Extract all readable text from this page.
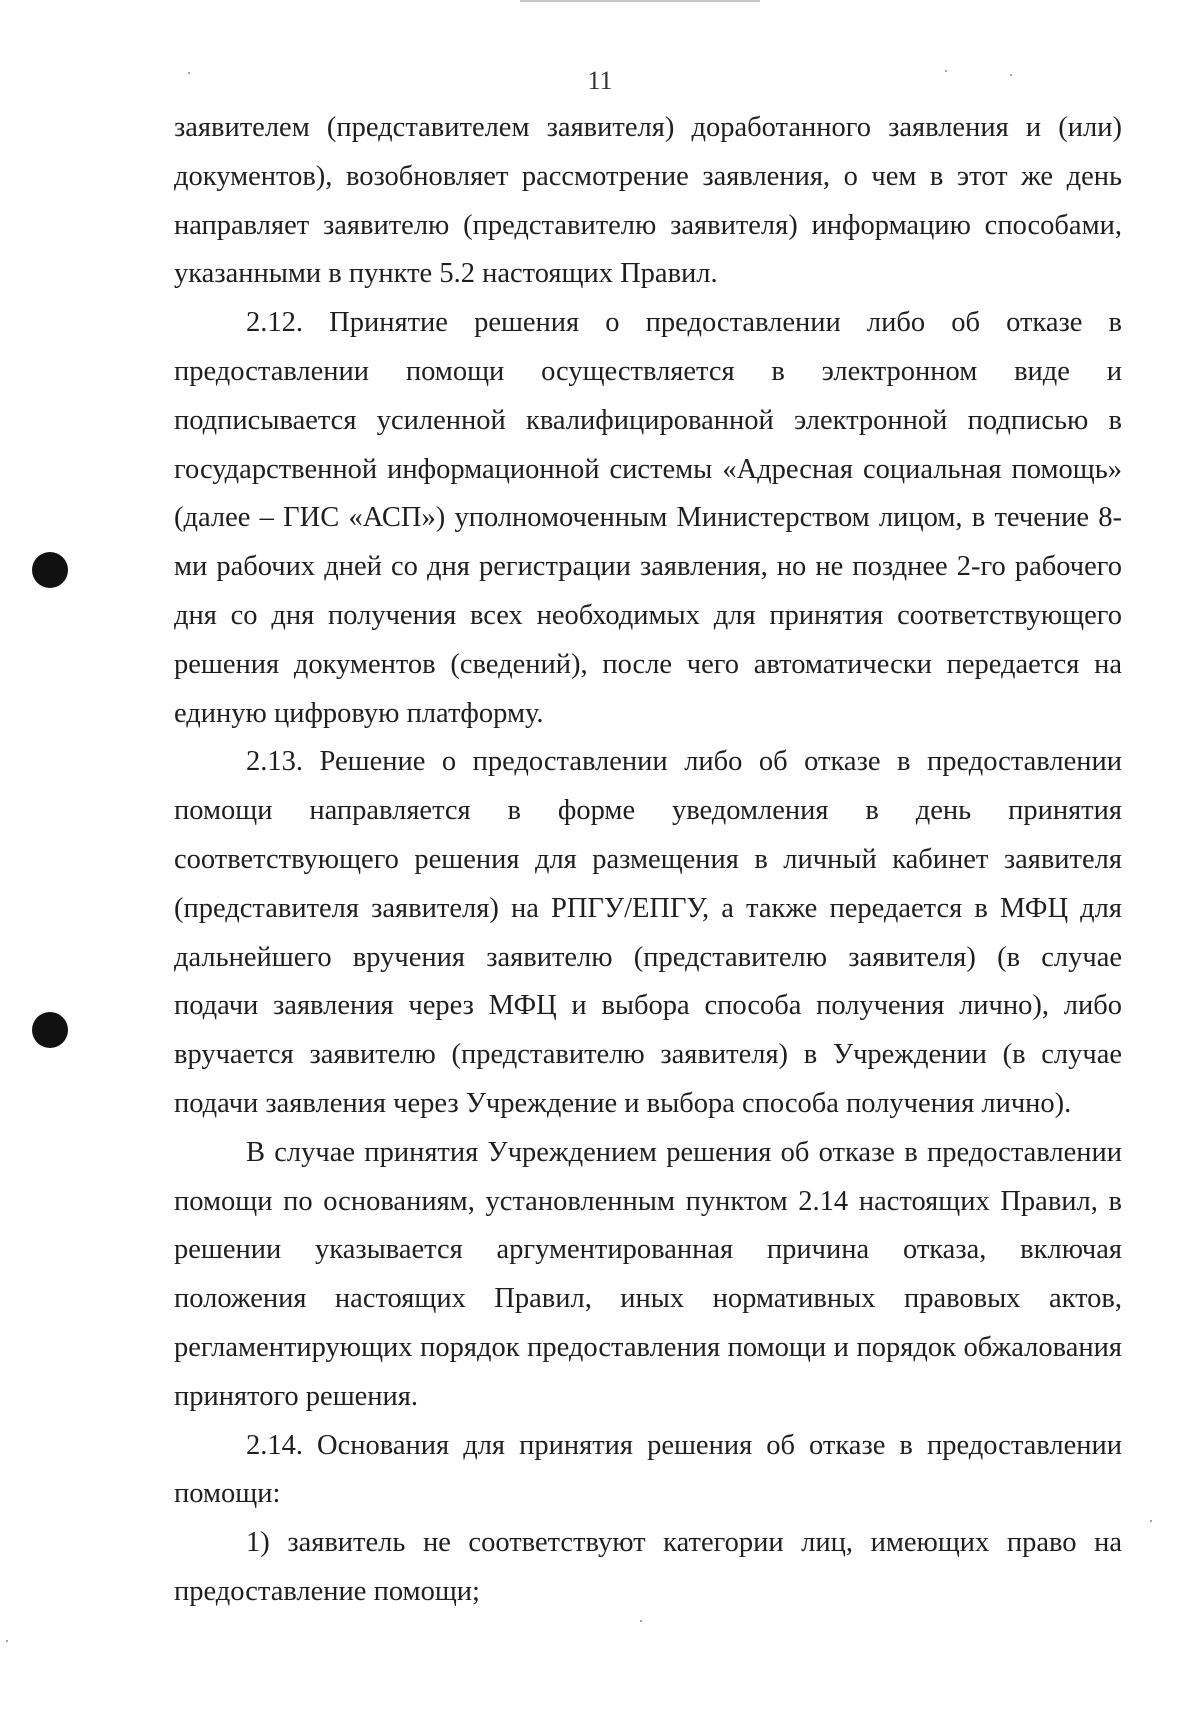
11

заявителем (представителем заявителя) доработанного заявления и (или) документов), возобновляет рассмотрение заявления, о чем в этот же день направляет заявителю (представителю заявителя) информацию способами, указанными в пункте 5.2 настоящих Правил.

2.12. Принятие решения о предоставлении либо об отказе в предоставлении помощи осуществляется в электронном виде и подписывается усиленной квалифицированной электронной подписью в государственной информационной системы «Адресная социальная помощь» (далее – ГИС «АСП») уполномоченным Министерством лицом, в течение 8-ми рабочих дней со дня регистрации заявления, но не позднее 2-го рабочего дня со дня получения всех необходимых для принятия соответствующего решения документов (сведений), после чего автоматически передается на единую цифровую платформу.

2.13. Решение о предоставлении либо об отказе в предоставлении помощи направляется в форме уведомления в день принятия соответствующего решения для размещения в личный кабинет заявителя (представителя заявителя) на РПГУ/ЕПГУ, а также передается в МФЦ для дальнейшего вручения заявителю (представителю заявителя) (в случае подачи заявления через МФЦ и выбора способа получения лично), либо вручается заявителю (представителю заявителя) в Учреждении (в случае подачи заявления через Учреждение и выбора способа получения лично).

В случае принятия Учреждением решения об отказе в предоставлении помощи по основаниям, установленным пунктом 2.14 настоящих Правил, в решении указывается аргументированная причина отказа, включая положения настоящих Правил, иных нормативных правовых актов, регламентирующих порядок предоставления помощи и порядок обжалования принятого решения.

2.14. Основания для принятия решения об отказе в предоставлении помощи:

1) заявитель не соответствуют категории лиц, имеющих право на предоставление помощи;
